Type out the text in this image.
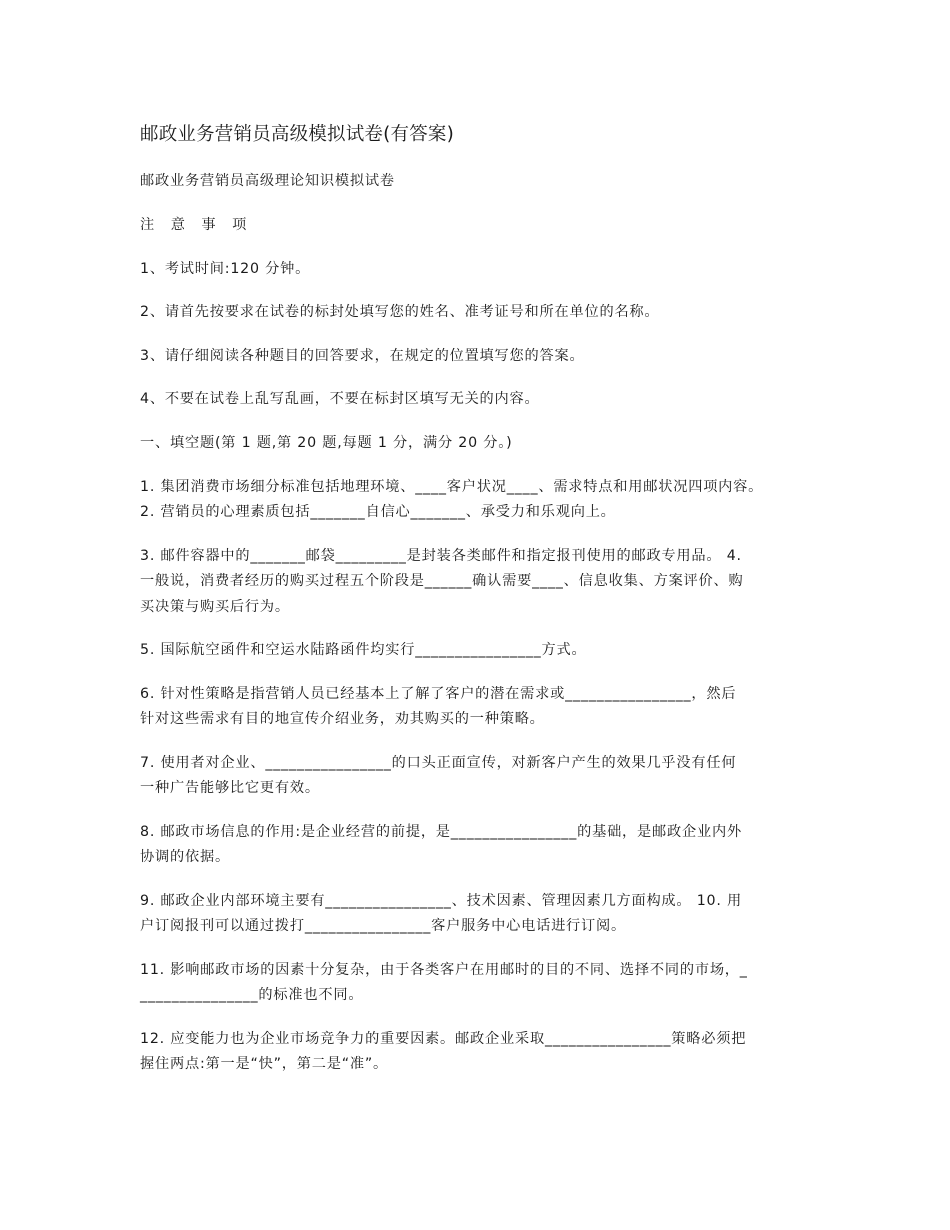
邮政业务营销员高级模拟试卷(有答案)
邮政业务营销员高级理论知识模拟试卷
注 意 事 项
1、考试时间:120 分钟。
2、请首先按要求在试卷的标封处填写您的姓名、准考证号和所在单位的名称。
3、请仔细阅读各种题目的回答要求，在规定的位置填写您的答案。
4、不要在试卷上乱写乱画，不要在标封区填写无关的内容。
一、填空题(第 1 题,第 20 题,每题 1 分，满分 20 分。)
1. 集团消费市场细分标准包括地理环境、____客户状况____、需求特点和用邮状况四项内容。
2. 营销员的心理素质包括_______自信心_______、承受力和乐观向上。
3. 邮件容器中的_______邮袋_________是封装各类邮件和指定报刊使用的邮政专用品。 4.
一般说，消费者经历的购买过程五个阶段是______确认需要____、信息收集、方案评价、购
买决策与购买后行为。
5. 国际航空函件和空运水陆路函件均实行________________方式。
6. 针对性策略是指营销人员已经基本上了解了客户的潜在需求或________________，然后
针对这些需求有目的地宣传介绍业务，劝其购买的一种策略。
7. 使用者对企业、________________的口头正面宣传，对新客户产生的效果几乎没有任何
一种广告能够比它更有效。
8. 邮政市场信息的作用:是企业经营的前提，是________________的基础，是邮政企业内外
协调的依据。
9. 邮政企业内部环境主要有________________、技术因素、管理因素几方面构成。 10. 用
户订阅报刊可以通过拨打________________客户服务中心电话进行订阅。
11. 影响邮政市场的因素十分复杂，由于各类客户在用邮时的目的不同、选择不同的市场，_
_______________的标准也不同。
12. 应变能力也为企业市场竞争力的重要因素。邮政企业采取________________策略必须把
握住两点:第一是“快”，第二是“准”。
